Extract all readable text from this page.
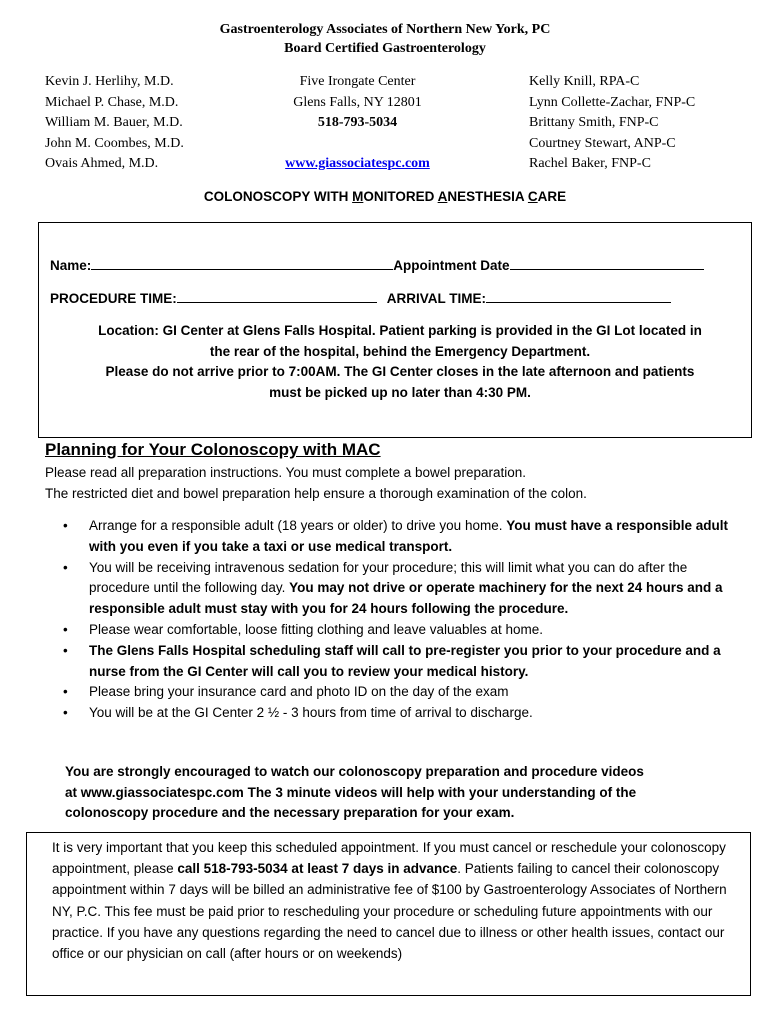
Gastroenterology Associates of Northern New York, PC
Board Certified Gastroenterology
Kevin J. Herlihy, M.D.
Michael P. Chase, M.D.
William M. Bauer, M.D.
John M. Coombes, M.D.
Ovais Ahmed, M.D.
Five Irongate Center
Glens Falls, NY 12801
518-793-5034

www.giassociatespc.com
Kelly Knill, RPA-C
Lynn Collette-Zachar, FNP-C
Brittany Smith, FNP-C
Courtney Stewart, ANP-C
Rachel Baker, FNP-C
COLONOSCOPY WITH MONITORED ANESTHESIA CARE
Name:	Appointment Date
PROCEDURE TIME:	ARRIVAL TIME:
Location: GI Center at Glens Falls Hospital. Patient parking is provided in the GI Lot located in
the rear of the hospital, behind the Emergency Department.
Please do not arrive prior to 7:00AM. The GI Center closes in the late afternoon and patients
must be picked up no later than 4:30 PM.
Planning for Your Colonoscopy with MAC
Please read all preparation instructions. You must complete a bowel preparation.
The restricted diet and bowel preparation help ensure a thorough examination of the colon.
• Arrange for a responsible adult (18 years or older) to drive you home. You must have a responsible adult with you even if you take a taxi or use medical transport.
• You will be receiving intravenous sedation for your procedure; this will limit what you can do after the procedure until the following day. You may not drive or operate machinery for the next 24 hours and a responsible adult must stay with you for 24 hours following the procedure.
• Please wear comfortable, loose fitting clothing and leave valuables at home.
• The Glens Falls Hospital scheduling staff will call to pre-register you prior to your procedure and a nurse from the GI Center will call you to review your medical history.
• Please bring your insurance card and photo ID on the day of the exam
• You will be at the GI Center 2 ½ - 3 hours from time of arrival to discharge.
You are strongly encouraged to watch our colonoscopy preparation and procedure videos
at www.giassociatespc.com The 3 minute videos will help with your understanding of the
colonoscopy procedure and the necessary preparation for your exam.
It is very important that you keep this scheduled appointment. If you must cancel or reschedule your colonoscopy appointment, please call 518-793-5034 at least 7 days in advance. Patients failing to cancel their colonoscopy appointment within 7 days will be billed an administrative fee of $100 by Gastroenterology Associates of Northern NY, P.C. This fee must be paid prior to rescheduling your procedure or scheduling future appointments with our practice. If you have any questions regarding the need to cancel due to illness or other health issues, contact our office or our physician on call (after hours or on weekends)
